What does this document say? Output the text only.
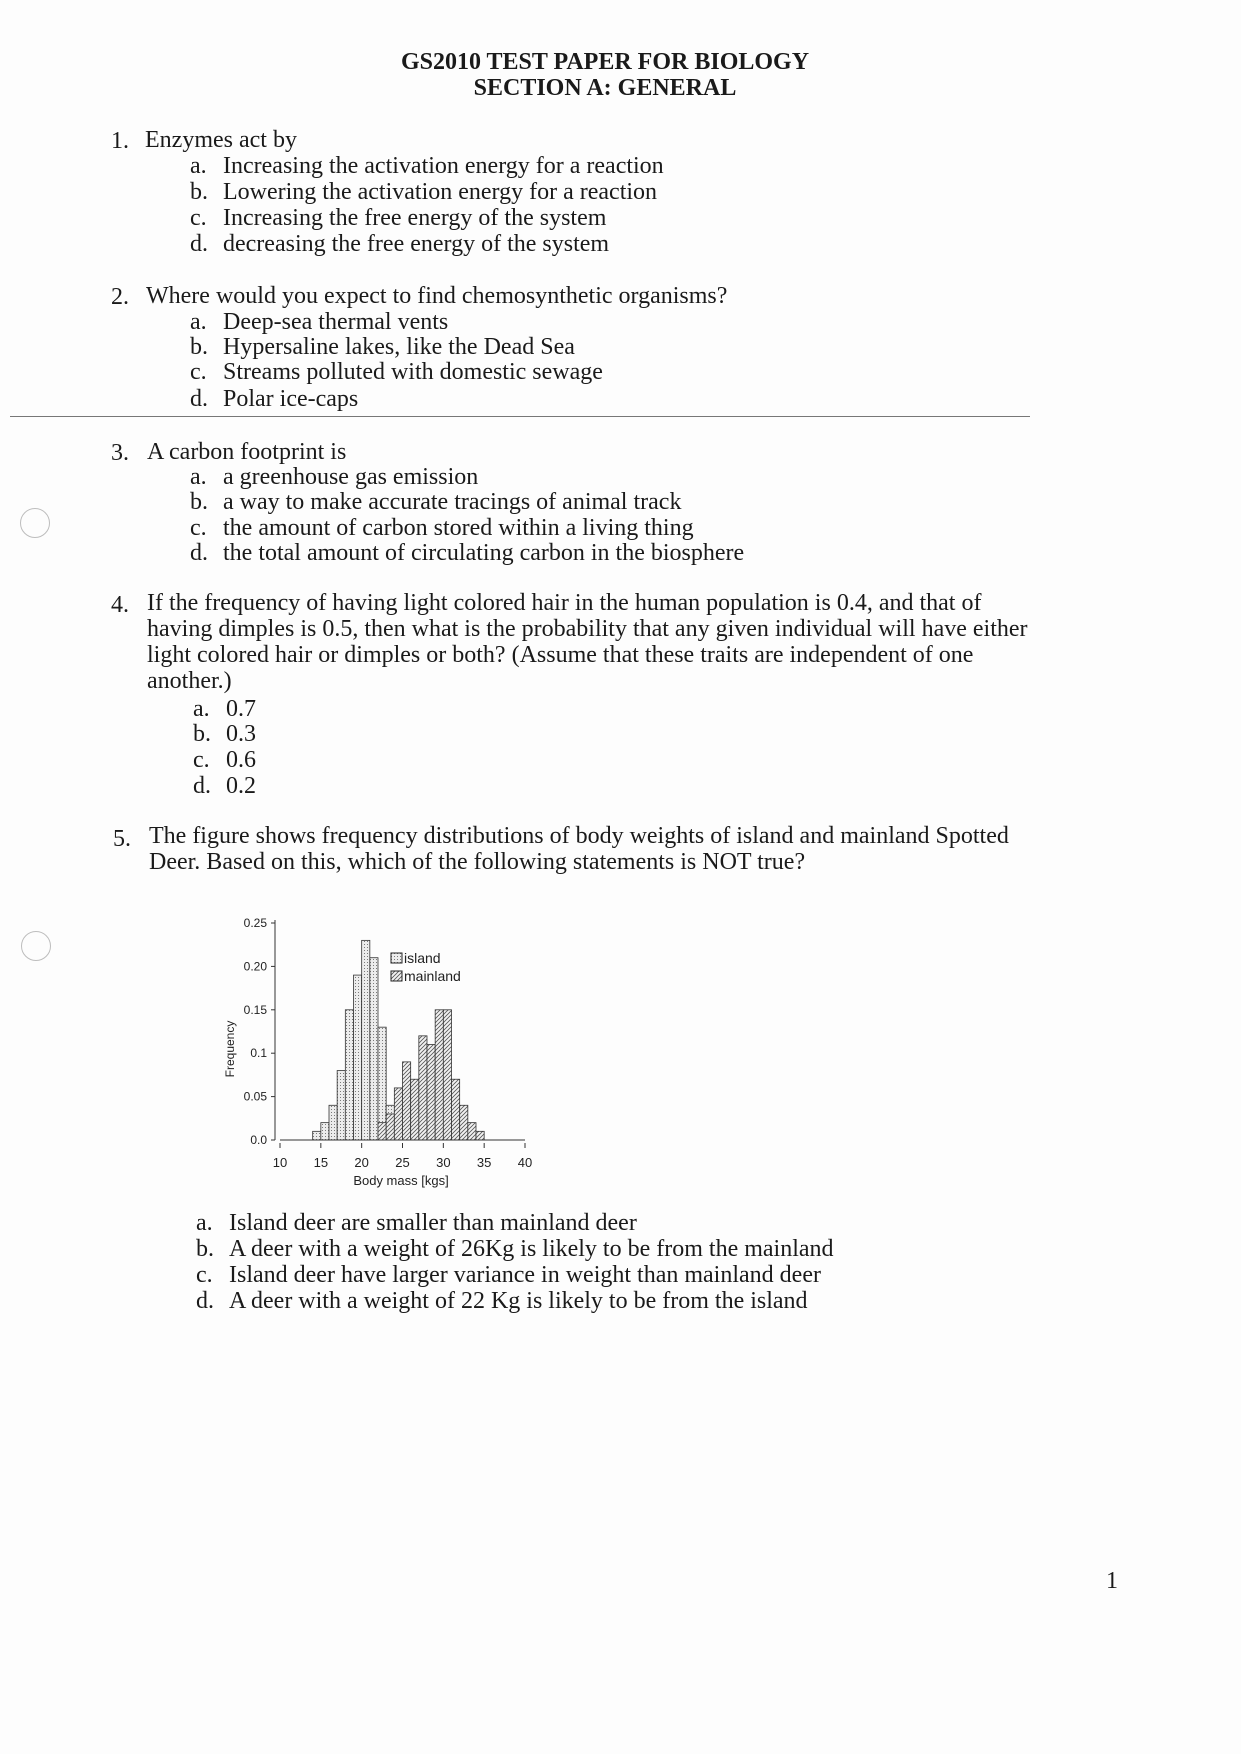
GS2010 TEST PAPER FOR BIOLOGY
SECTION A: GENERAL
1. Enzymes act by
a. Increasing the activation energy for a reaction
b. Lowering the activation energy for a reaction
c. Increasing the free energy of the system
d. decreasing the free energy of the system
2. Where would you expect to find chemosynthetic organisms?
a. Deep-sea thermal vents
b. Hypersaline lakes, like the Dead Sea
c. Streams polluted with domestic sewage
d. Polar ice-caps
3. A carbon footprint is
a. a greenhouse gas emission
b. a way to make accurate tracings of animal track
c. the amount of carbon stored within a living thing
d. the total amount of circulating carbon in the biosphere
4. If the frequency of having light colored hair in the human population is 0.4, and that of
having dimples is 0.5, then what is the probability that any given individual will have either
light colored hair or dimples or both? (Assume that these traits are independent of one
another.)
a. 0.7
b. 0.3
c. 0.6
d. 0.2
5. The figure shows frequency distributions of body weights of island and mainland Spotted
Deer. Based on this, which of the following statements is NOT true?
0.0
0.05
0.1
0.15
0.20
0.25
10 15 20 25 30 35 40
Body mass [kgs]
Frequency
island
mainland
a. Island deer are smaller than mainland deer
b. A deer with a weight of 26Kg is likely to be from the mainland
c. Island deer have larger variance in weight than mainland deer
d. A deer with a weight of 22 Kg is likely to be from the island
1
